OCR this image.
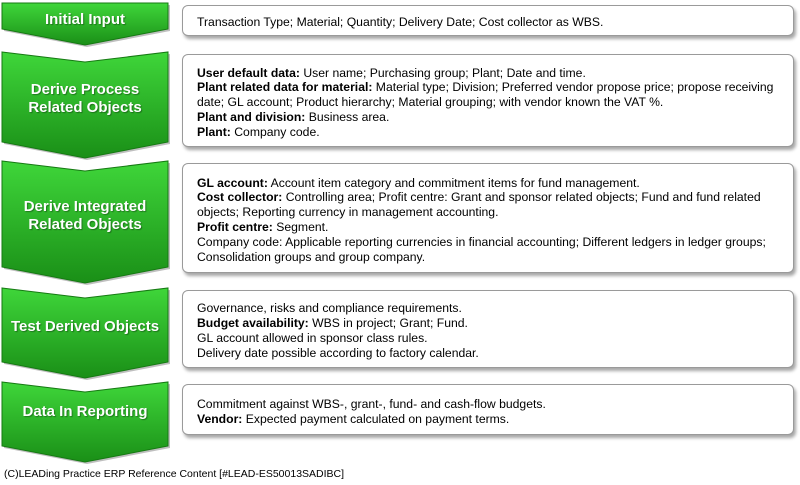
Initial Input	Transaction Type; Material; Quantity; Delivery Date; Cost collector as WBS.

Derive Process Related Objects

User default data: User name; Purchasing group; Plant; Date and time.

Plant related data for material: Material type; Division; Preferred vendor propose price; propose receiving date; GL account; Product hierarchy; Material grouping; with vendor known the VAT %.

Plant and division: Business area.

Plant: Company code.

Derive Integrated Related Objects

GL account: Account item category and commitment items for fund management.

Cost collector: Controlling area; Profit centre: Grant and sponsor related objects; Fund and fund related objects; Reporting currency in management accounting.

Profit centre: Segment.

Company code: Applicable reporting currencies in financial accounting; Different ledgers in ledger groups; Consolidation groups and group company.

Test Derived Objects

Governance, risks and compliance requirements.

Budget availability: WBS in project; Grant; Fund.

GL account allowed in sponsor class rules.

Delivery date possible according to factory calendar.

Data In Reporting	Commitment against WBS-, grant-, fund- and cash-flow budgets.

Vendor: Expected payment calculated on payment terms.

(C)LEADing Practice ERP Reference Content [#LEAD-ES50013SADIBC]
